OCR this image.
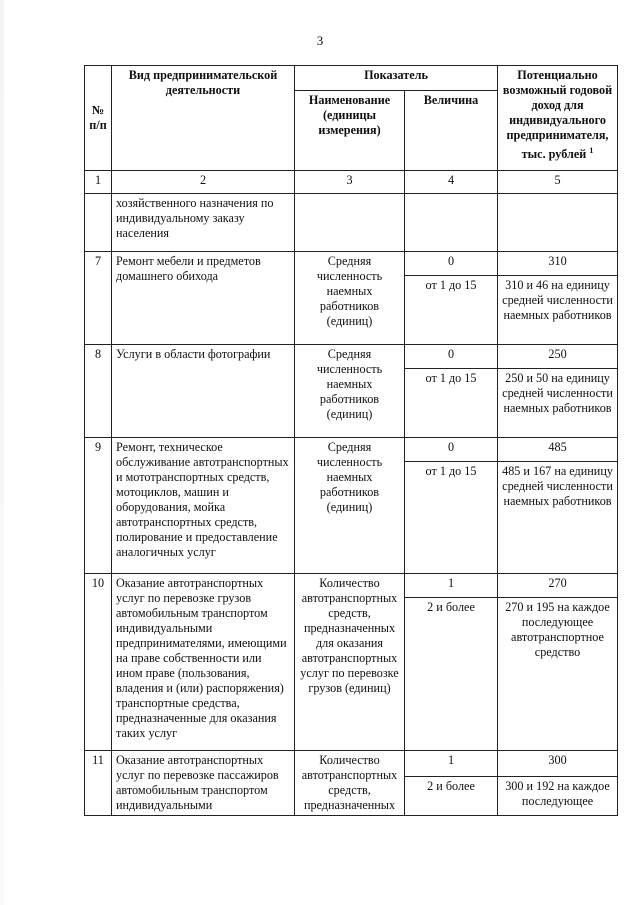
3
№ п/п	Вид предпринимательской деятельности	Показатель		Потенциально возможный годовой доход для индивидуального предпринимателя, тыс. рублей $^1$
		Наименование (единицы измерения)	Величина	
1	2	3	4	5
	хозяйственного назначения по индивидуальному заказу населения			
7	Ремонт мебели и предметов домашнего обихода	Средняя численность наемных работников (единиц)	0	310
			от 1 до 15	310 и 46 на единицу средней численности наемных работников
8	Услуги в области фотографии	Средняя численность наемных работников (единиц)	0	250
			от 1 до 15	250 и 50 на единицу средней численности наемных работников
9	Ремонт, техническое обслуживание автотранспортных и мототранспортных средств, мотоциклов, машин и оборудования, мойка автотранспортных средств, полирование и предоставление аналогичных услуг	Средняя численность наемных работников (единиц)	0	485
			от 1 до 15	485 и 167 на единицу средней численности наемных работников
10	Оказание автотранспортных услуг по перевозке грузов автомобильным транспортом индивидуальными предпринимателями, имеющими на праве собственности или ином праве (пользования, владения и (или) распоряжения) транспортные средства, предназначенные для оказания таких услуг	Количество автотранспортных средств, предназначенных для оказания автотранспортных услуг по перевозке грузов (единиц)	1	270
			2 и более	270 и 195 на каждое последующее автотранспортное средство
11	Оказание автотранспортных услуг по перевозке пассажиров автомобильным транспортом индивидуальными	Количество автотранспортных средств, предназначенных	1	300
			2 и более	300 и 192 на каждое последующее
